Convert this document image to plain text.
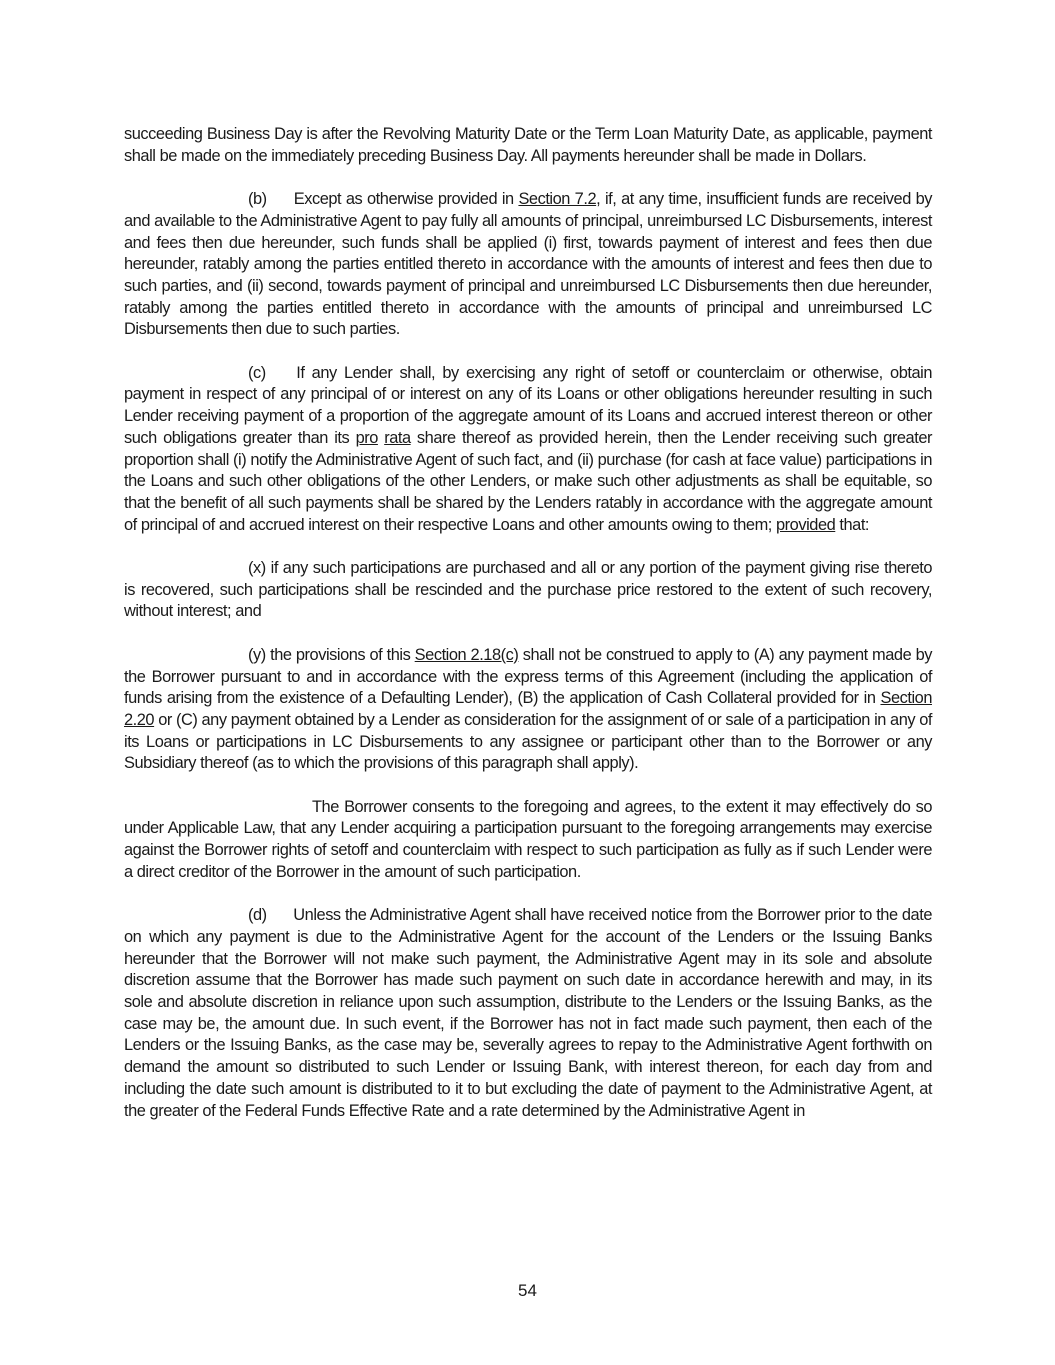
succeeding Business Day is after the Revolving Maturity Date or the Term Loan Maturity Date, as applicable, payment shall be made on the immediately preceding Business Day. All payments hereunder shall be made in Dollars.

(b) Except as otherwise provided in Section 7.2, if, at any time, insufficient funds are received by and available to the Administrative Agent to pay fully all amounts of principal, unreimbursed LC Disbursements, interest and fees then due hereunder, such funds shall be applied (i) first, towards payment of interest and fees then due hereunder, ratably among the parties entitled thereto in accordance with the amounts of interest and fees then due to such parties, and (ii) second, towards payment of principal and unreimbursed LC Disbursements then due hereunder, ratably among the parties entitled thereto in accordance with the amounts of principal and unreimbursed LC Disbursements then due to such parties.

(c) If any Lender shall, by exercising any right of setoff or counterclaim or otherwise, obtain payment in respect of any principal of or interest on any of its Loans or other obligations hereunder resulting in such Lender receiving payment of a proportion of the aggregate amount of its Loans and accrued interest thereon or other such obligations greater than its pro rata share thereof as provided herein, then the Lender receiving such greater proportion shall (i) notify the Administrative Agent of such fact, and (ii) purchase (for cash at face value) participations in the Loans and such other obligations of the other Lenders, or make such other adjustments as shall be equitable, so that the benefit of all such payments shall be shared by the Lenders ratably in accordance with the aggregate amount of principal of and accrued interest on their respective Loans and other amounts owing to them; provided that:

(x) if any such participations are purchased and all or any portion of the payment giving rise thereto is recovered, such participations shall be rescinded and the purchase price restored to the extent of such recovery, without interest; and

(y) the provisions of this Section 2.18(c) shall not be construed to apply to (A) any payment made by the Borrower pursuant to and in accordance with the express terms of this Agreement (including the application of funds arising from the existence of a Defaulting Lender), (B) the application of Cash Collateral provided for in Section 2.20 or (C) any payment obtained by a Lender as consideration for the assignment of or sale of a participation in any of its Loans or participations in LC Disbursements to any assignee or participant other than to the Borrower or any Subsidiary thereof (as to which the provisions of this paragraph shall apply).

The Borrower consents to the foregoing and agrees, to the extent it may effectively do so under Applicable Law, that any Lender acquiring a participation pursuant to the foregoing arrangements may exercise against the Borrower rights of setoff and counterclaim with respect to such participation as fully as if such Lender were a direct creditor of the Borrower in the amount of such participation.

(d) Unless the Administrative Agent shall have received notice from the Borrower prior to the date on which any payment is due to the Administrative Agent for the account of the Lenders or the Issuing Banks hereunder that the Borrower will not make such payment, the Administrative Agent may in its sole and absolute discretion assume that the Borrower has made such payment on such date in accordance herewith and may, in its sole and absolute discretion in reliance upon such assumption, distribute to the Lenders or the Issuing Banks, as the case may be, the amount due. In such event, if the Borrower has not in fact made such payment, then each of the Lenders or the Issuing Banks, as the case may be, severally agrees to repay to the Administrative Agent forthwith on demand the amount so distributed to such Lender or Issuing Bank, with interest thereon, for each day from and including the date such amount is distributed to it to but excluding the date of payment to the Administrative Agent, at the greater of the Federal Funds Effective Rate and a rate determined by the Administrative Agent in

54
